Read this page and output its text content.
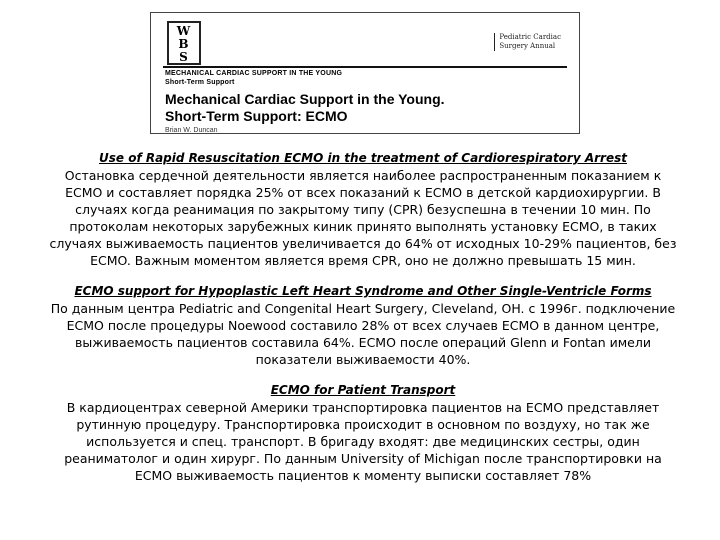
W
B
S
Pediatric Cardiac
Surgery Annual
MECHANICAL CARDIAC SUPPORT IN THE YOUNG
Short-Term Support
Mechanical Cardiac Support in the Young.
Short-Term Support: ECMO
Brian W. Duncan

Use of Rapid Resuscitation ECMO in the treatment of Cardiorespiratory Arrest

Остановка сердечной деятельности является наиболее распространенным показанием к ECMO и составляет порядка 25% от всех показаний к ECMO в детской кардиохирургии. В случаях когда реанимация по закрытому типу (CPR) безуспешна в течении 10 мин. По протоколам некоторых зарубежных киник принято выполнять установку ECMO, в таких случаях выживаемость пациентов увеличивается до 64% от исходных 10-29% пациентов, без ECMO. Важным моментом является время CPR, оно не должно превышать 15 мин.

ECMO support for Hypoplastic Left Heart Syndrome and Other Single-Ventricle Forms

По данным центра Pediatric and Congenital Heart Surgery, Cleveland, OH. с 1996г. подключение ECMO после процедуры Noewood составило 28% от всех случаев ECMO в данном центре, выживаемость пациентов составила 64%. ECMO после операций Glenn и Fontan имели показатели выживаемости 40%.

ECMO for Patient Transport

В кардиоцентрах северной Америки транспортировка пациентов на ECMO представляет рутинную процедуру. Транспортировка происходит в основном по воздуху, но так же используется и спец. транспорт. В бригаду входят: две медицинских сестры, один реаниматолог и один хирург. По данным University of Michigan после транспортировки на ECMO выживаемость пациентов к моменту выписки составляет 78%
